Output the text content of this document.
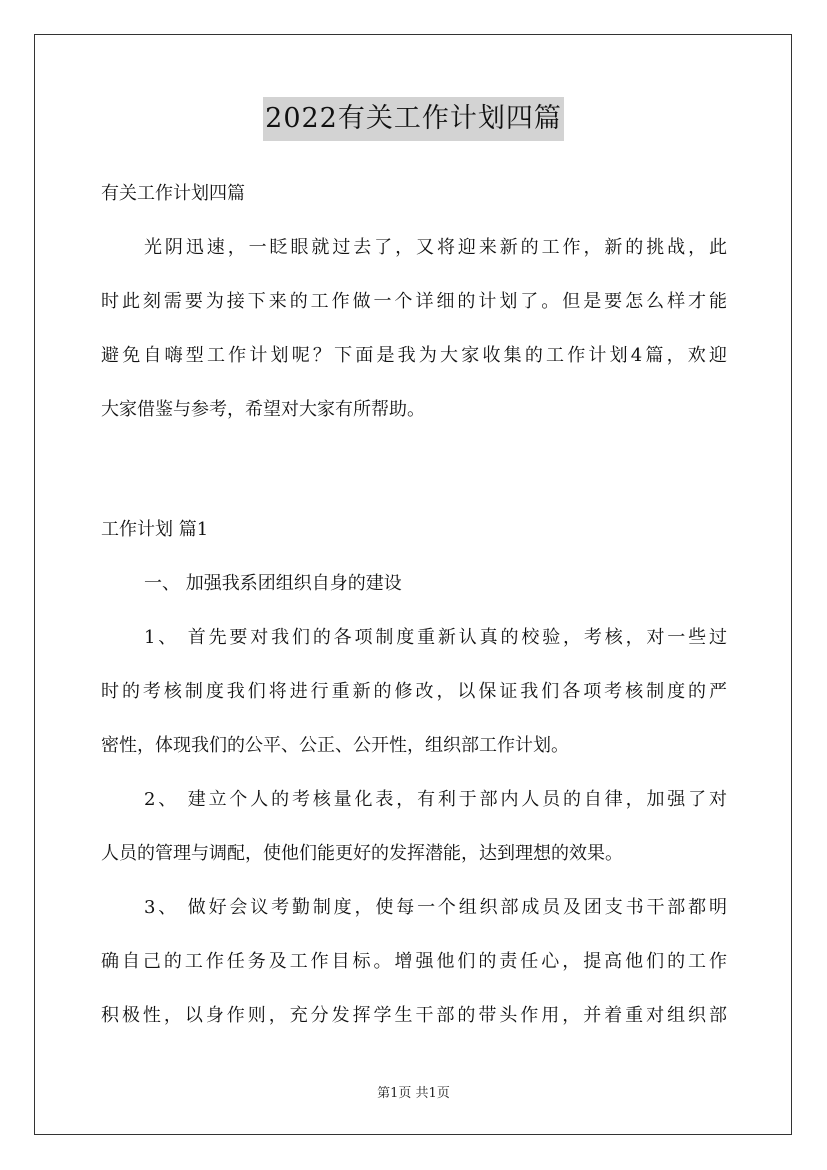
2022有关工作计划四篇
有关工作计划四篇
光阴迅速，一眨眼就过去了，又将迎来新的工作，新的挑战，此
时此刻需要为接下来的工作做一个详细的计划了。但是要怎么样才能
避免自嗨型工作计划呢？下面是我为大家收集的工作计划4篇，欢迎
大家借鉴与参考，希望对大家有所帮助。
工作计划 篇1
一、 加强我系团组织自身的建设
1、 首先要对我们的各项制度重新认真的校验，考核，对一些过
时的考核制度我们将进行重新的修改，以保证我们各项考核制度的严
密性，体现我们的公平、公正、公开性，组织部工作计划。
2、 建立个人的考核量化表，有利于部内人员的自律，加强了对
人员的管理与调配，使他们能更好的发挥潜能，达到理想的效果。
3、 做好会议考勤制度，使每一个组织部成员及团支书干部都明
确自己的工作任务及工作目标。增强他们的责任心，提高他们的工作
积极性，以身作则，充分发挥学生干部的带头作用，并着重对组织部
第1页 共1页
